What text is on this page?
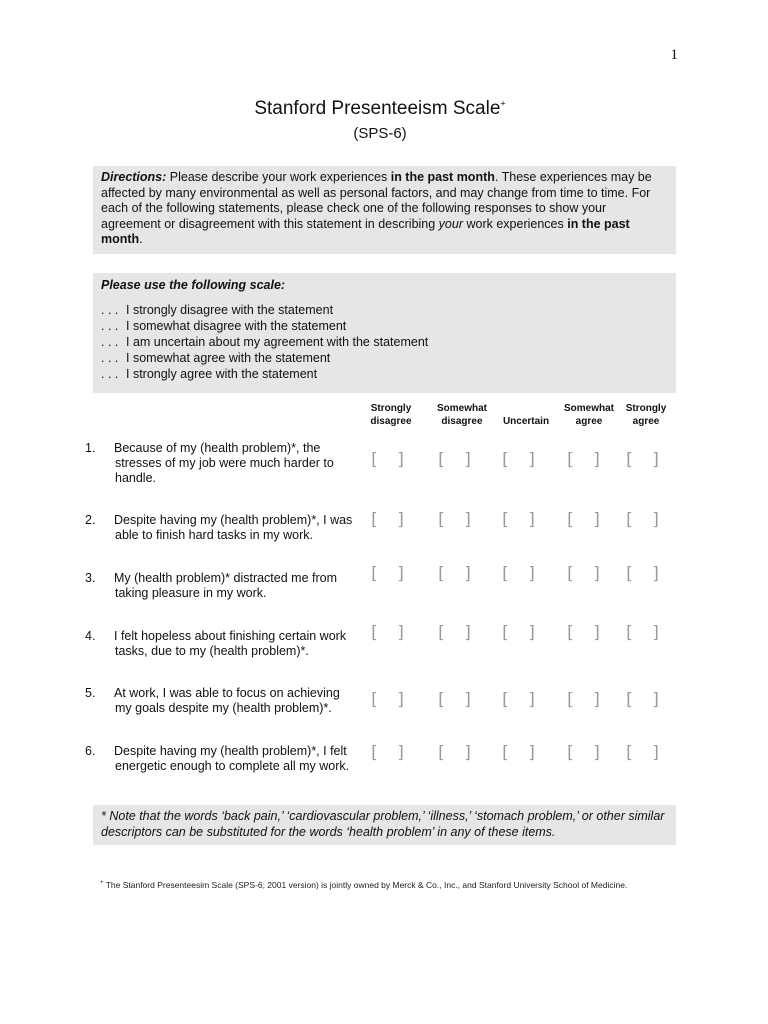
1
Stanford Presenteeism Scale+
(SPS-6)
Directions: Please describe your work experiences in the past month. These experiences may be affected by many environmental as well as personal factors, and may change from time to time. For each of the following statements, please check one of the following responses to show your agreement or disagreement with this statement in describing your work experiences in the past month.
Please use the following scale:
. . . I strongly disagree with the statement
. . . I somewhat disagree with the statement
. . . I am uncertain about my agreement with the statement
. . . I somewhat agree with the statement
. . . I strongly agree with the statement
Strongly
disagree
Somewhat
disagree
	Uncertain
Somewhat
agree
Strongly
agree
1. Because of my (health problem)*, the stresses of my job were much harder to handle.
2. Despite having my (health problem)*, I was able to finish hard tasks in my work.
3. My (health problem)* distracted me from taking pleasure in my work.
4. I felt hopeless about finishing certain work tasks, due to my (health problem)*.
5. At work, I was able to focus on achieving my goals despite my (health problem)*.
6. Despite having my (health problem)*, I felt energetic enough to complete all my work.
[ ] [ ] [ ] [ ] [ ]
[ ] [ ] [ ] [ ] [ ]
[ ] [ ] [ ] [ ] [ ]
[ ] [ ] [ ] [ ] [ ]
[ ] [ ] [ ] [ ] [ ]
[ ] [ ] [ ] [ ] [ ]
* Note that the words ‘back pain,’ ‘cardiovascular problem,’ ‘illness,’ ‘stomach problem,’ or other similar descriptors can be substituted for the words ‘health problem’ in any of these items.
+ The Stanford Presenteesim Scale (SPS-6; 2001 version) is jointly owned by Merck & Co., Inc., and Stanford University School of Medicine.
